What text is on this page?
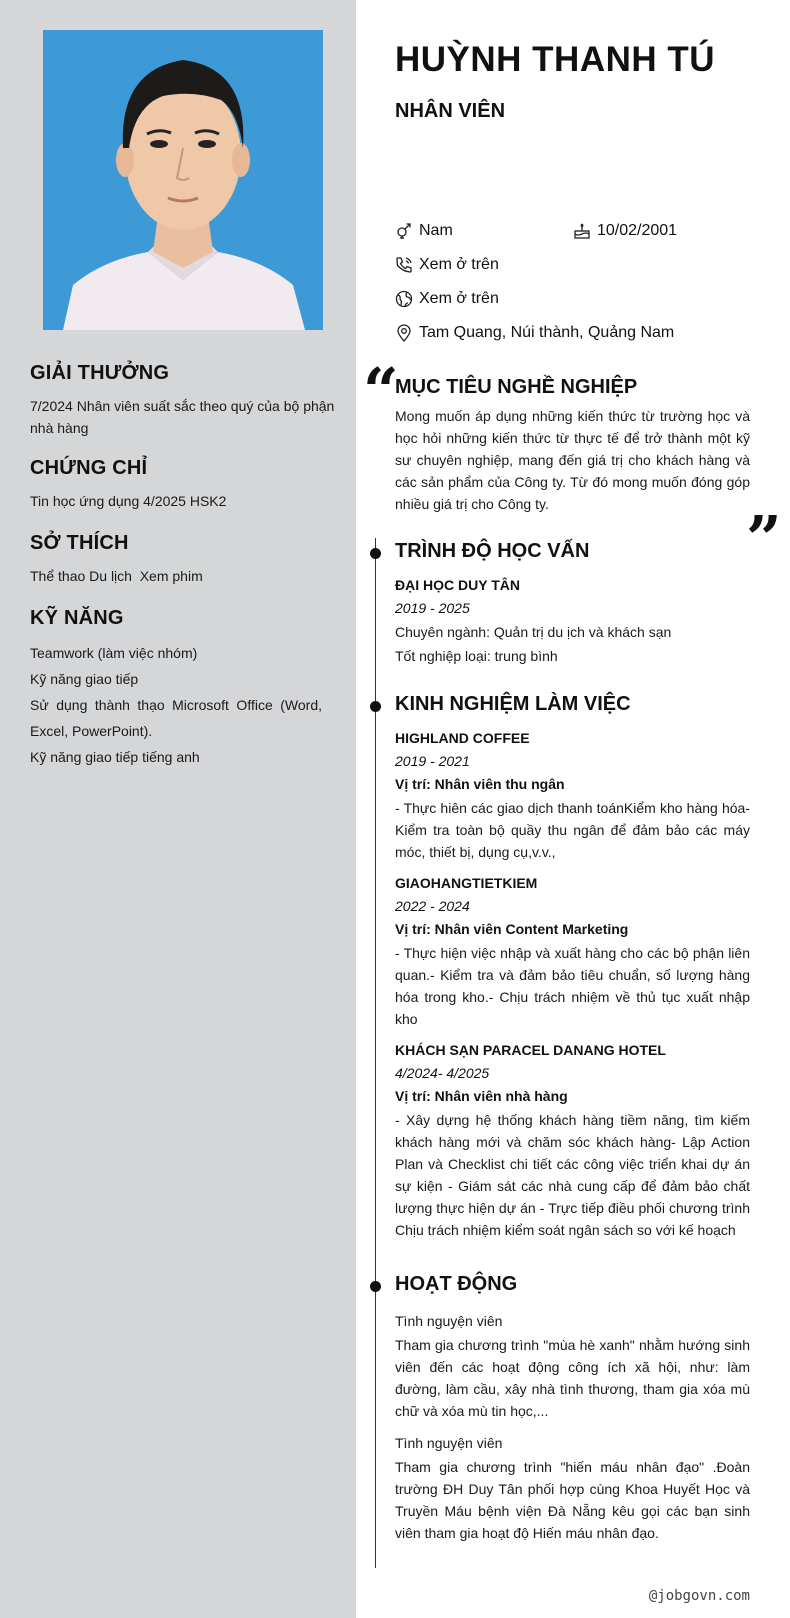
GIẢI THƯỞNG

7/2024 Nhân viên suất sắc theo quý của bộ phận nhà hàng

CHỨNG CHỈ

Tin học ứng dụng 4/2025 HSK2

SỞ THÍCH

Thể thao Du lịch  Xem phim

KỸ NĂNG
Teamwork (làm việc nhóm)
Kỹ năng giao tiếp
Sử dụng thành thạo Microsoft Office (Word, Excel, PowerPoint).
Kỹ năng giao tiếp tiếng anh
HUỲNH THANH TÚ
NHÂN VIÊN
Nam	10/02/2001
Xem ở trên
Xem ở trên
Tam Quang, Núi thành, Quảng Nam
“
”
MỤC TIÊU NGHỀ NGHIỆP

Mong muốn áp dụng những kiến thức từ trường học và học hỏi những kiến thức từ thực tế để trở thành một kỹ sư chuyên nghiệp, mang đến giá trị cho khách hàng và các sản phẩm của Công ty. Từ đó mong muốn đóng góp nhiều giá trị cho Công ty.

TRÌNH ĐỘ HỌC VẤN
ĐẠI HỌC DUY TÂN
2019 - 2025
Chuyên ngành: Quản trị du ịch và khách sạn
Tốt nghiệp loại: trung bình
KINH NGHIỆM LÀM VIỆC
HIGHLAND COFFEE
2019 - 2021
Vị trí: Nhân viên thu ngân

- Thực hiên các giao dịch thanh toánKiểm kho hàng hóa- Kiểm tra toàn bộ quầy thu ngân để đảm bảo các máy móc, thiết bị, dụng cụ,v.v.,

GIAOHANGTIETKIEM
2022 - 2024
Vị trí: Nhân viên Content Marketing

- Thực hiện việc nhập và xuất hàng cho các bộ phận liên quan.- Kiểm tra và đảm bảo tiêu chuẩn, số lượng hàng hóa trong kho.- Chịu trách nhiệm về thủ tục xuất nhập kho

KHÁCH SẠN PARACEL DANANG HOTEL
4/2024- 4/2025
Vị trí: Nhân viên nhà hàng

- Xây dựng hệ thống khách hàng tiềm năng, tìm kiếm khách hàng mới và chăm sóc khách hàng- Lập Action Plan và Checklist chi tiết các công việc triển khai dự án sự kiện - Giám sát các nhà cung cấp để đảm bảo chất lượng thực hiện dự án - Trực tiếp điều phối chương trình Chịu trách nhiệm kiểm soát ngân sách so với kế hoạch

HOẠT ĐỘNG
Tình nguyện viên

Tham gia chương trình "mùa hè xanh" nhằm hướng sinh viên đến các hoạt động công ích xã hội, như: làm đường, làm cầu, xây nhà tình thương, tham gia xóa mù chữ và xóa mù tin học,...

Tình nguyện viên

Tham gia chương trình "hiến máu nhân đạo" .Đoàn trường ĐH Duy Tân phối hợp cùng Khoa Huyết Học và Truyền Máu bệnh viện Đà Nẵng kêu gọi các bạn sinh viên tham gia hoạt độ Hiến máu nhân đạo.

@jobgovn.com
